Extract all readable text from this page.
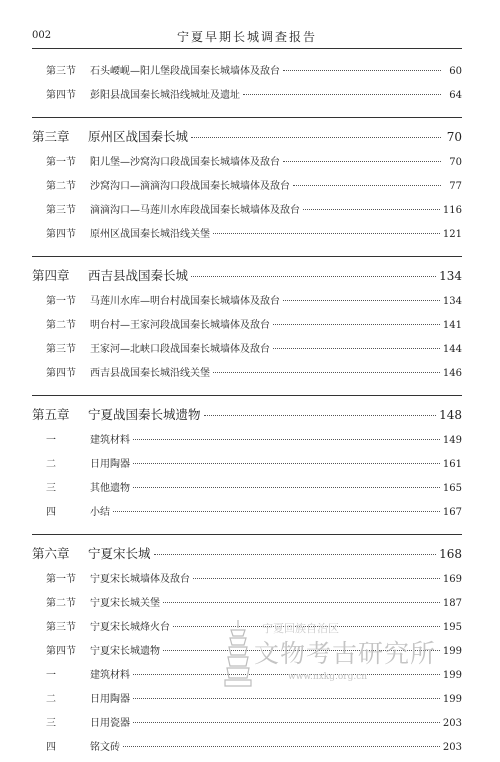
002	宁夏早期长城调查报告
第三节	石头崾岘—阳儿堡段战国秦长城墙体及敌台	60
第四节	彭阳县战国秦长城沿线城址及遗址	64
第三章	原州区战国秦长城	70
第一节	阳儿堡—沙窝沟口段战国秦长城墙体及敌台	70
第二节	沙窝沟口—滴滴沟口段战国秦长城墙体及敌台	77
第三节	滴滴沟口—马莲川水库段战国秦长城墙体及敌台	116
第四节	原州区战国秦长城沿线关堡	121
第四章	西吉县战国秦长城	134
第一节	马莲川水库—明台村战国秦长城墙体及敌台	134
第二节	明台村—王家河段战国秦长城墙体及敌台	141
第三节	王家河—北峡口段战国秦长城墙体及敌台	144
第四节	西吉县战国秦长城沿线关堡	146
第五章	宁夏战国秦长城遗物	148
一	建筑材料	149
二	日用陶器	161
三	其他遗物	165
四	小结	167
第六章	宁夏宋长城	168
第一节	宁夏宋长城墙体及敌台	169
第二节	宁夏宋长城关堡	187
第三节	宁夏宋长城烽火台	195
第四节	宁夏宋长城遗物	199
一	建筑材料	199
二	日用陶器	199
三	日用瓷器	203
四	铭文砖	203
宁夏回族自治区
文物考古研究所
www.nxkg.org.cn
